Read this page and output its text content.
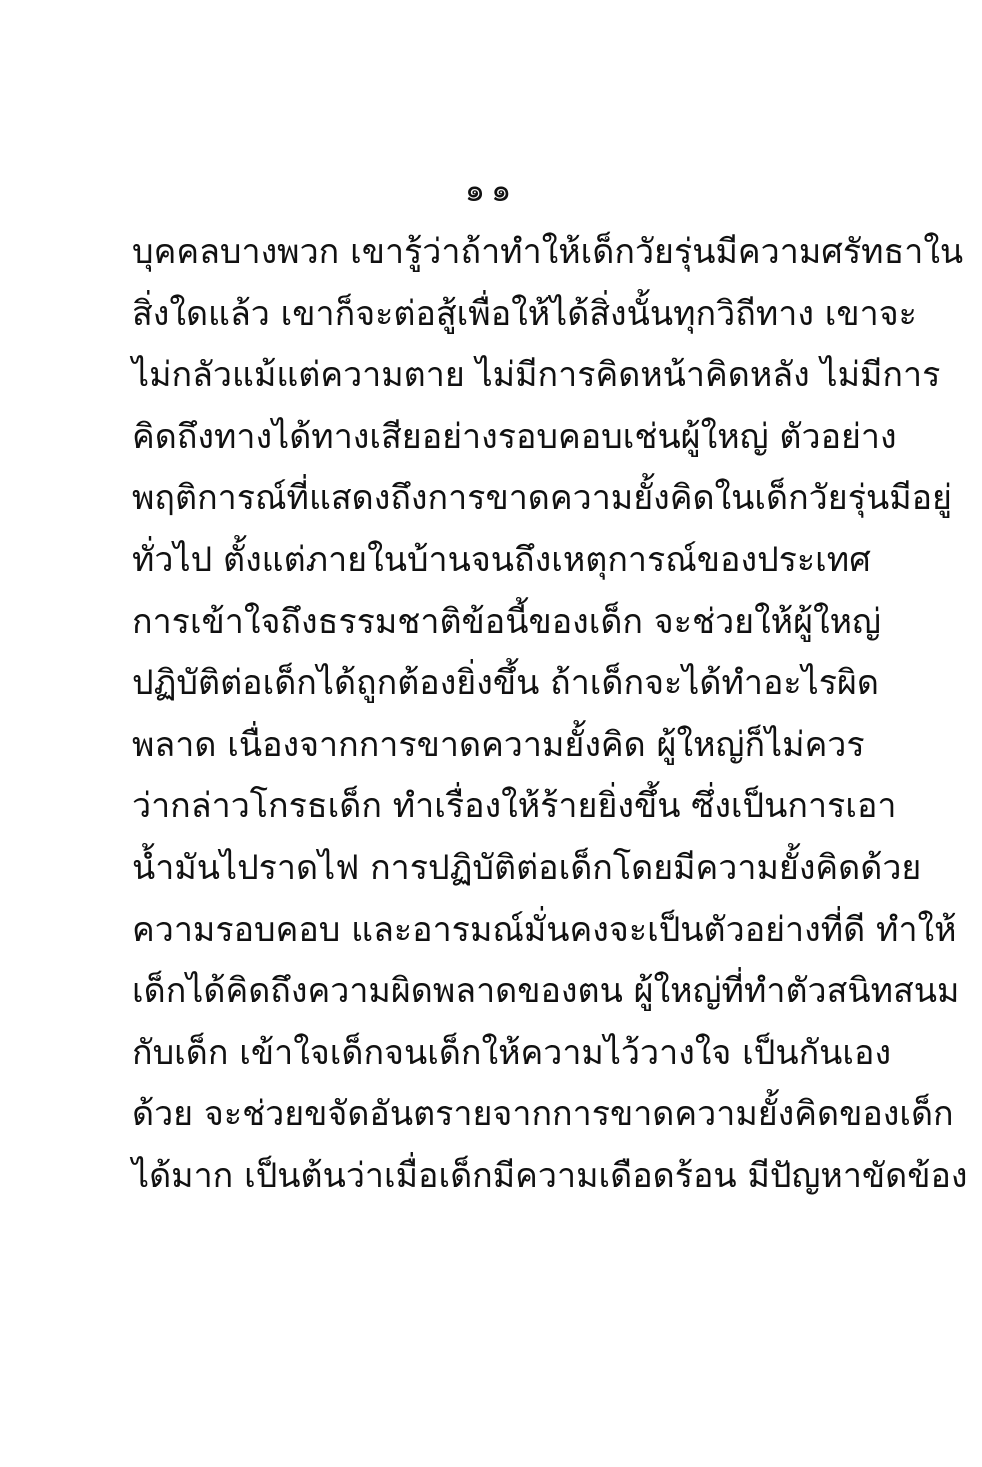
๑๑
บุคคลบางพวก เขารู้ว่าถ้าทำให้เด็กวัยรุ่นมีความศรัทธาใน
สิ่งใดแล้ว เขาก็จะต่อสู้เพื่อให้ได้สิ่งนั้นทุกวิถีทาง เขาจะ
ไม่กลัวแม้แต่ความตาย ไม่มีการคิดหน้าคิดหลัง ไม่มีการ
คิดถึงทางได้ทางเสียอย่างรอบคอบเช่นผู้ใหญ่ ตัวอย่าง
พฤติการณ์ที่แสดงถึงการขาดความยั้งคิดในเด็กวัยรุ่นมีอยู่
ทั่วไป ตั้งแต่ภายในบ้านจนถึงเหตุการณ์ของประเทศ
การเข้าใจถึงธรรมชาติข้อนี้ของเด็ก จะช่วยให้ผู้ใหญ่
ปฏิบัติต่อเด็กได้ถูกต้องยิ่งขึ้น ถ้าเด็กจะได้ทำอะไรผิด
พลาด เนื่องจากการขาดความยั้งคิด ผู้ใหญ่ก็ไม่ควร
ว่ากล่าวโกรธเด็ก ทำเรื่องให้ร้ายยิ่งขึ้น ซึ่งเป็นการเอา
น้ำมันไปราดไฟ การปฏิบัติต่อเด็กโดยมีความยั้งคิดด้วย
ความรอบคอบ และอารมณ์มั่นคงจะเป็นตัวอย่างที่ดี ทำให้
เด็กได้คิดถึงความผิดพลาดของตน ผู้ใหญ่ที่ทำตัวสนิทสนม
กับเด็ก เข้าใจเด็กจนเด็กให้ความไว้วางใจ เป็นกันเอง
ด้วย จะช่วยขจัดอันตรายจากการขาดความยั้งคิดของเด็ก
ได้มาก เป็นต้นว่าเมื่อเด็กมีความเดือดร้อน มีปัญหาขัดข้อง
